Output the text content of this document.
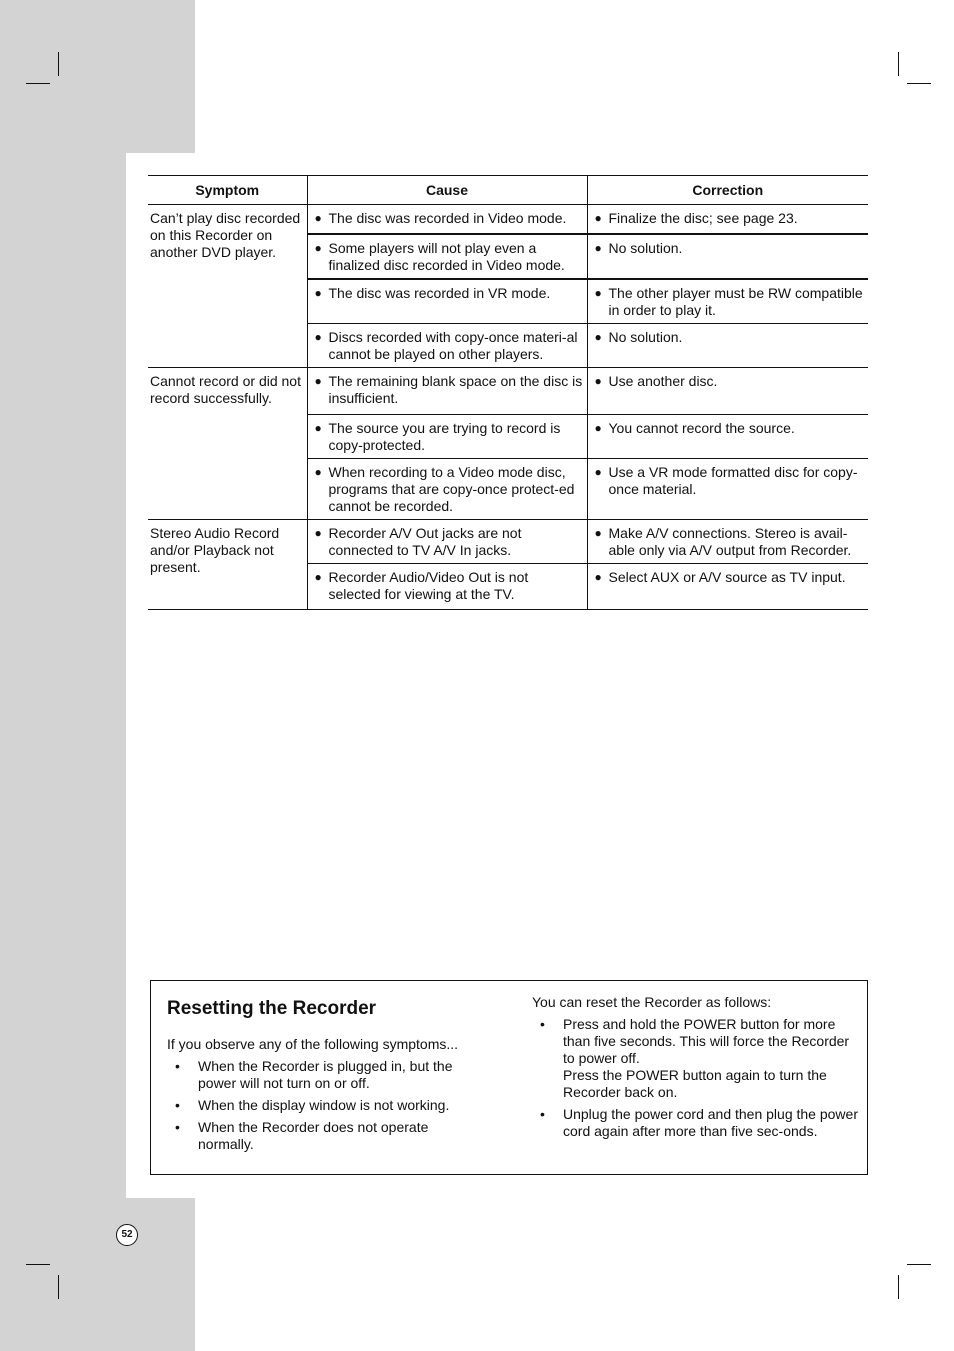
Symptom	Cause	Correction
Can’t play disc recorded on this Recorder on another DVD player.	● The disc was recorded in Video mode.	● Finalize the disc; see page 23.

	● Some players will not play even a finalized disc recorded in Video mode.	● No solution.

	● The disc was recorded in VR mode.	● The other player must be RW compatible in order to play it.

	● Discs recorded with copy-once materi-al cannot be played on other players.	● No solution.

Cannot record or did not record successfully.	● The remaining blank space on the disc is insufficient.	● Use another disc.

	● The source you are trying to record is copy-protected.	● You cannot record the source.

	● When recording to a Video mode disc, programs that are copy-once protect-ed cannot be recorded.	● Use a VR mode formatted disc for copy-once material.

Stereo Audio Record and/or Playback not present.	● Recorder A/V Out jacks are not connected to TV A/V In jacks.	● Make A/V connections. Stereo is avail-able only via A/V output from Recorder.

	● Recorder Audio/Video Out is not selected for viewing at the TV.	● Select AUX or A/V source as TV input.
Resetting the Recorder
If you observe any of the following symptoms...
•	When the Recorder is plugged in, but the power will not turn on or off.
•	When the display window is not working.
•	When the Recorder does not operate normally.
You can reset the Recorder as follows:
•	Press and hold the POWER button for more than five seconds. This will force the Recorder to power off.
Press the POWER button again to turn the Recorder back on.
•	Unplug the power cord and then plug the power cord again after more than five sec-onds.
52
